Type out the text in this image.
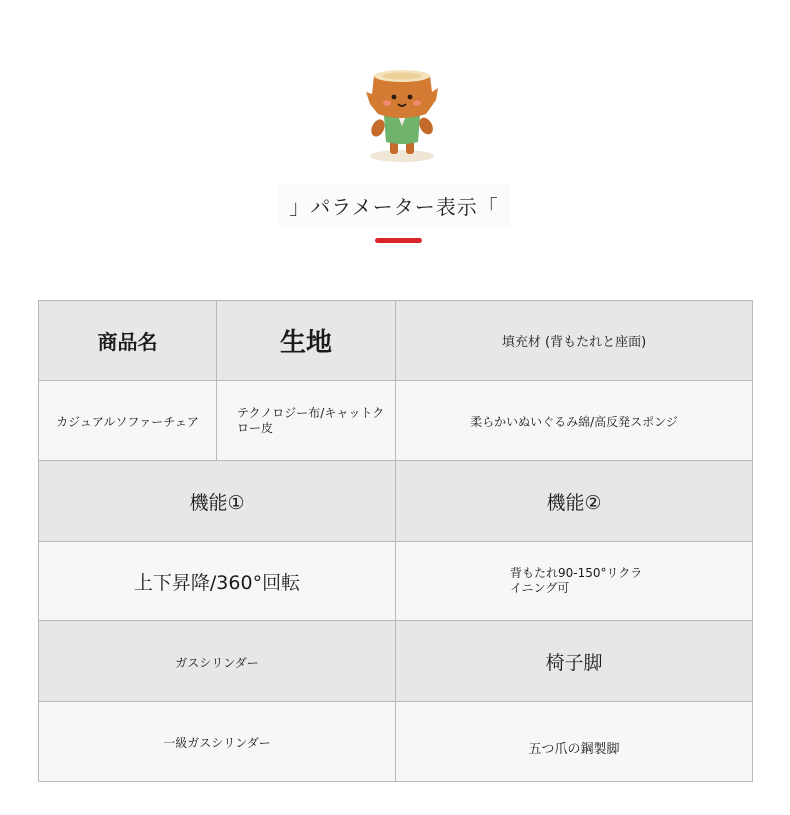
」パラメーター表示「
商品名	生地	填充材 (背もたれと座面)
カジュアルソファーチェア	テクノロジー布/キャットクロー皮	柔らかいぬいぐるみ綿/高反発スポンジ
機能①		機能②
上下昇降/360°回転		背もたれ90-150°リクライニング可

ガスシリンダー		椅子脚
一級ガスシリンダー		$_{五つ爪の鋼製脚}$
